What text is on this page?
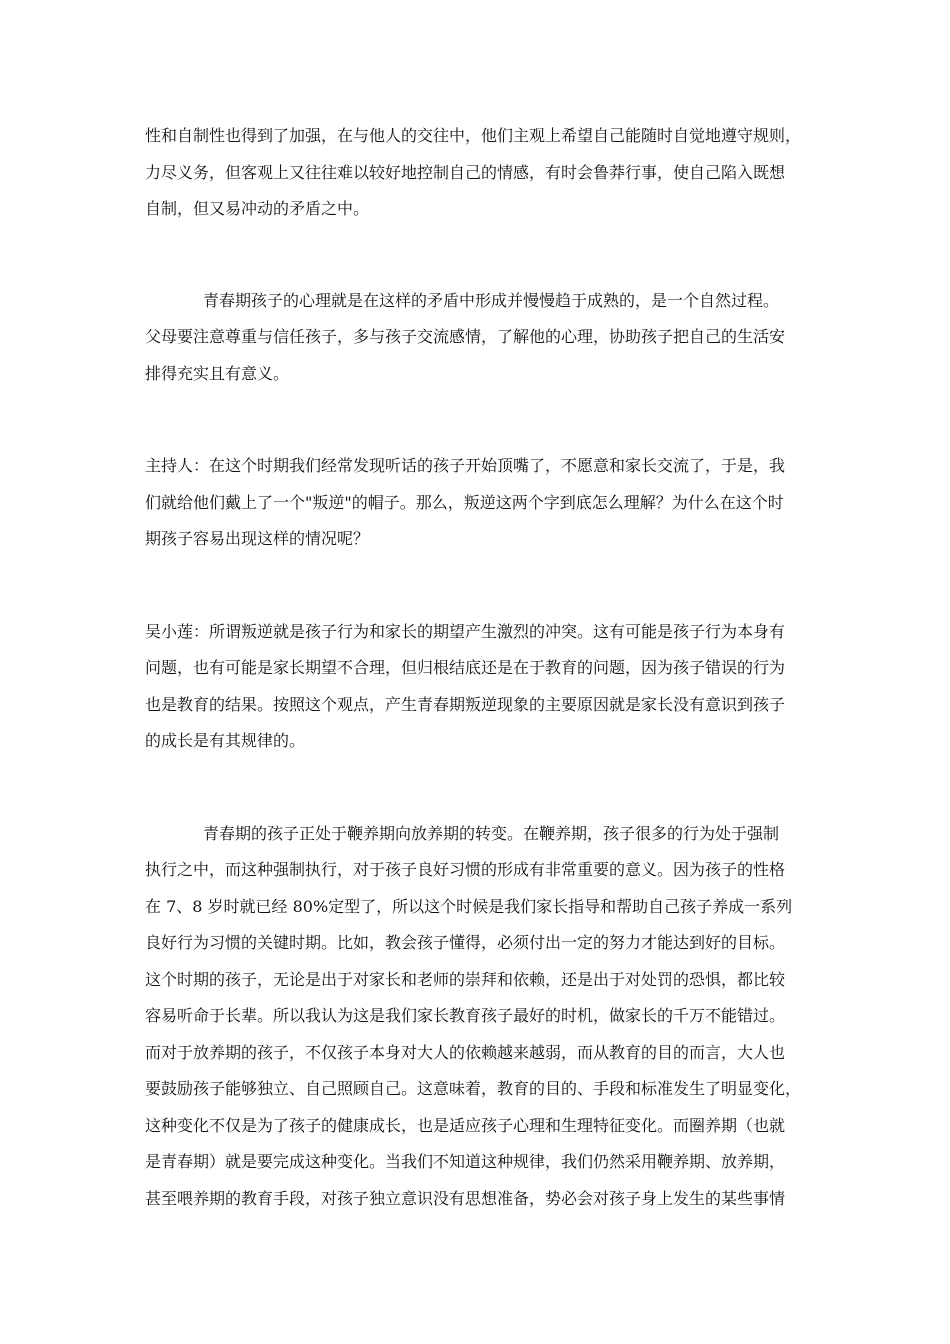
性和自制性也得到了加强，在与他人的交往中，他们主观上希望自己能随时自觉地遵守规则，
力尽义务，但客观上又往往难以较好地控制自己的情感，有时会鲁莽行事，使自己陷入既想
自制，但又易冲动的矛盾之中。
青春期孩子的心理就是在这样的矛盾中形成并慢慢趋于成熟的，是一个自然过程。
父母要注意尊重与信任孩子，多与孩子交流感情，了解他的心理，协助孩子把自己的生活安
排得充实且有意义。
主持人：在这个时期我们经常发现听话的孩子开始顶嘴了，不愿意和家长交流了，于是，我
们就给他们戴上了一个"叛逆"的帽子。那么，叛逆这两个字到底怎么理解？为什么在这个时
期孩子容易出现这样的情况呢？
吴小莲：所谓叛逆就是孩子行为和家长的期望产生激烈的冲突。这有可能是孩子行为本身有
问题，也有可能是家长期望不合理，但归根结底还是在于教育的问题，因为孩子错误的行为
也是教育的结果。按照这个观点，产生青春期叛逆现象的主要原因就是家长没有意识到孩子
的成长是有其规律的。
青春期的孩子正处于鞭养期向放养期的转变。在鞭养期，孩子很多的行为处于强制
执行之中，而这种强制执行，对于孩子良好习惯的形成有非常重要的意义。因为孩子的性格
在 7、8 岁时就已经 80%定型了，所以这个时候是我们家长指导和帮助自己孩子养成一系列
良好行为习惯的关键时期。比如，教会孩子懂得，必须付出一定的努力才能达到好的目标。
这个时期的孩子，无论是出于对家长和老师的崇拜和依赖，还是出于对处罚的恐惧，都比较
容易听命于长辈。所以我认为这是我们家长教育孩子最好的时机，做家长的千万不能错过。
而对于放养期的孩子，不仅孩子本身对大人的依赖越来越弱，而从教育的目的而言，大人也
要鼓励孩子能够独立、自己照顾自己。这意味着，教育的目的、手段和标准发生了明显变化，
这种变化不仅是为了孩子的健康成长，也是适应孩子心理和生理特征变化。而圈养期（也就
是青春期）就是要完成这种变化。当我们不知道这种规律，我们仍然采用鞭养期、放养期，
甚至喂养期的教育手段，对孩子独立意识没有思想准备，势必会对孩子身上发生的某些事情
